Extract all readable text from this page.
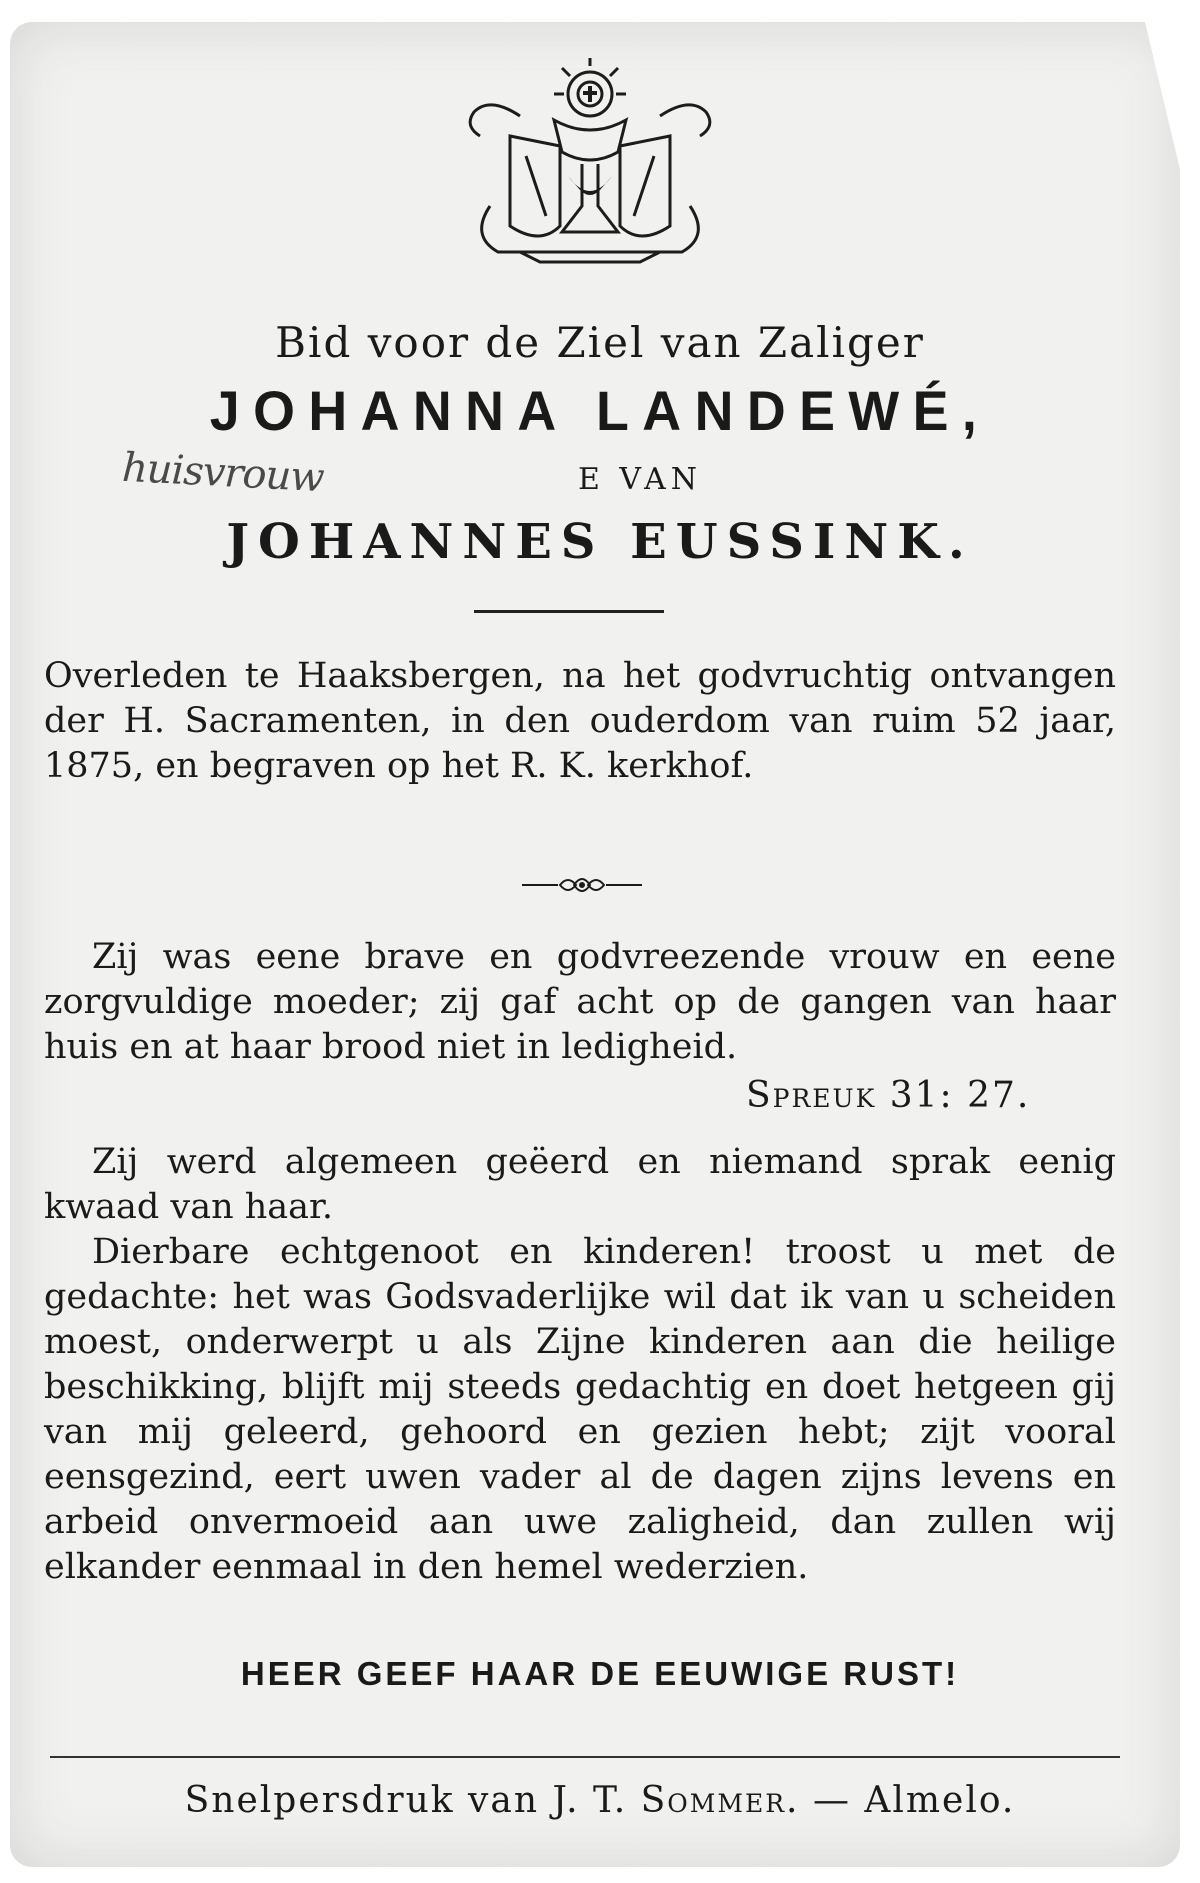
Bid voor de Ziel van Zaliger
JOHANNA LANDEWÉ,
huisvrouw	E VAN
JOHANNES EUSSINK.

Overleden te Haaksbergen, na het godvruchtig ontvangen der H. Sacramenten, in den ouderdom van ruim 52 jaar, 1875, en begraven op het R. K. kerkhof.

Zij was eene brave en godvreezende vrouw en eene zorgvuldige moeder; zij gaf acht op de gangen van haar huis en at haar brood niet in ledigheid.

Spreuk 31: 27.

Zij werd algemeen geëerd en niemand sprak eenig kwaad van haar.

Dierbare echtgenoot en kinderen! troost u met de gedachte: het was Godsvaderlijke wil dat ik van u scheiden moest, onderwerpt u als Zijne kinderen aan die heilige beschikking, blijft mij steeds gedachtig en doet hetgeen gij van mij geleerd, gehoord en gezien hebt; zijt vooral eensgezind, eert uwen vader al de dagen zijns levens en arbeid onvermoeid aan uwe zaligheid, dan zullen wij elkander eenmaal in den hemel wederzien.

HEER GEEF HAAR DE EEUWIGE RUST!
Snelpersdruk van J. T. Sommer. — Almelo.
